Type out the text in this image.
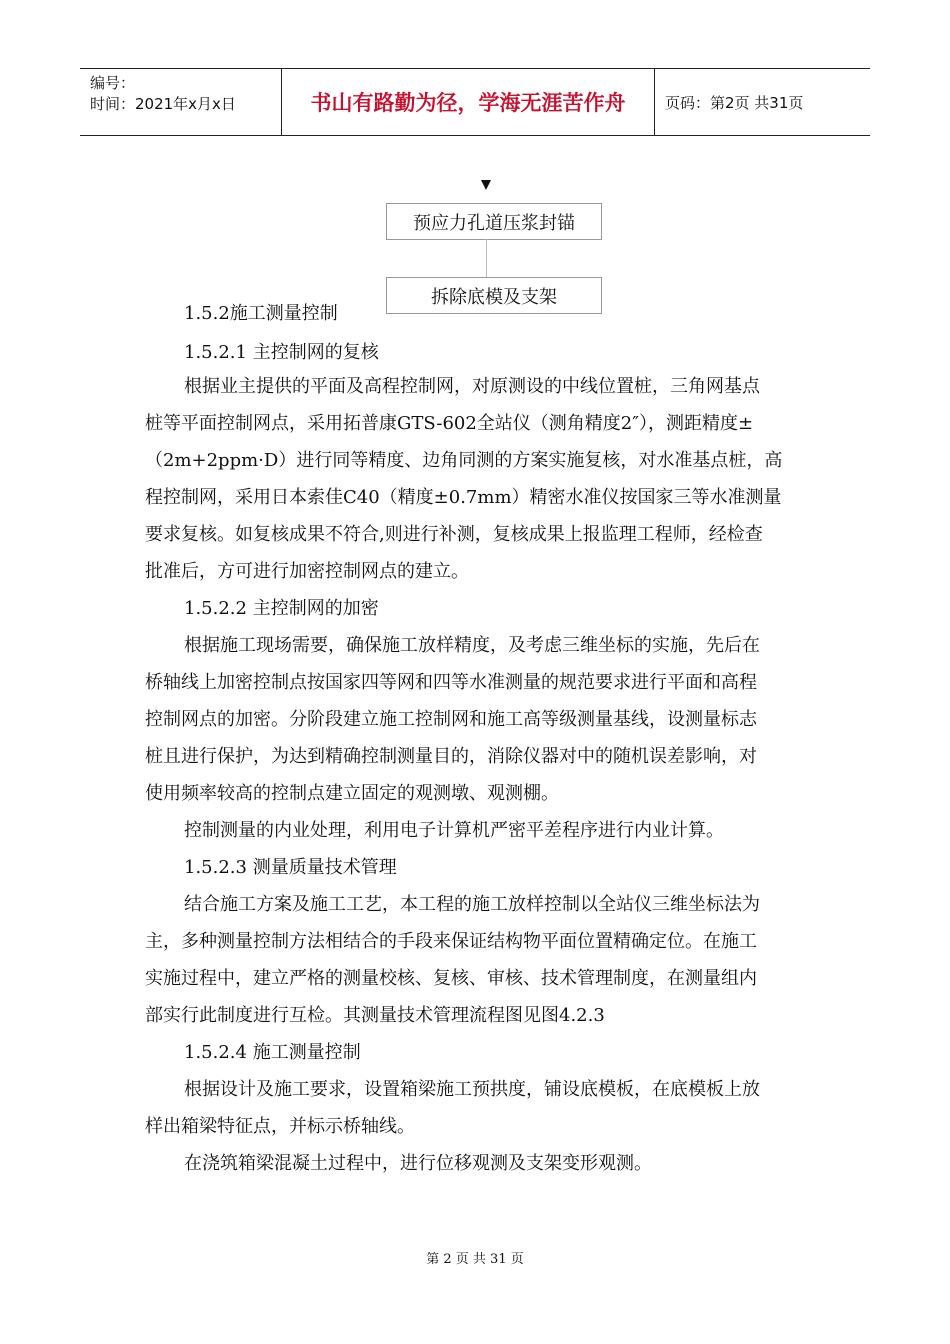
编号：
时间：2021年x月x日	书山有路勤为径，学海无涯苦作舟	页码：第2页 共31页
预应力孔道压浆封锚
拆除底模及支架
1.5.2施工测量控制
1.5.2.1 主控制网的复核
根据业主提供的平面及高程控制网，对原测设的中线位置桩，三角网基点
桩等平面控制网点，采用拓普康GTS-602全站仪（测角精度2″），测距精度±
（2m+2ppm·D）进行同等精度、边角同测的方案实施复核，对水准基点桩，高
程控制网，采用日本索佳C40（精度±0.7mm）精密水准仪按国家三等水准测量
要求复核。如复核成果不符合,则进行补测，复核成果上报监理工程师，经检查
批准后，方可进行加密控制网点的建立。
1.5.2.2 主控制网的加密
根据施工现场需要，确保施工放样精度，及考虑三维坐标的实施，先后在
桥轴线上加密控制点按国家四等网和四等水准测量的规范要求进行平面和高程
控制网点的加密。分阶段建立施工控制网和施工高等级测量基线，设测量标志
桩且进行保护，为达到精确控制测量目的，消除仪器对中的随机误差影响，对
使用频率较高的控制点建立固定的观测墩、观测棚。
控制测量的内业处理，利用电子计算机严密平差程序进行内业计算。
1.5.2.3 测量质量技术管理
结合施工方案及施工工艺，本工程的施工放样控制以全站仪三维坐标法为
主，多种测量控制方法相结合的手段来保证结构物平面位置精确定位。在施工
实施过程中，建立严格的测量校核、复核、审核、技术管理制度，在测量组内
部实行此制度进行互检。其测量技术管理流程图见图4.2.3
1.5.2.4 施工测量控制
根据设计及施工要求，设置箱梁施工预拱度，铺设底模板，在底模板上放
样出箱梁特征点，并标示桥轴线。
在浇筑箱梁混凝土过程中，进行位移观测及支架变形观测。
第 2 页 共 31 页
